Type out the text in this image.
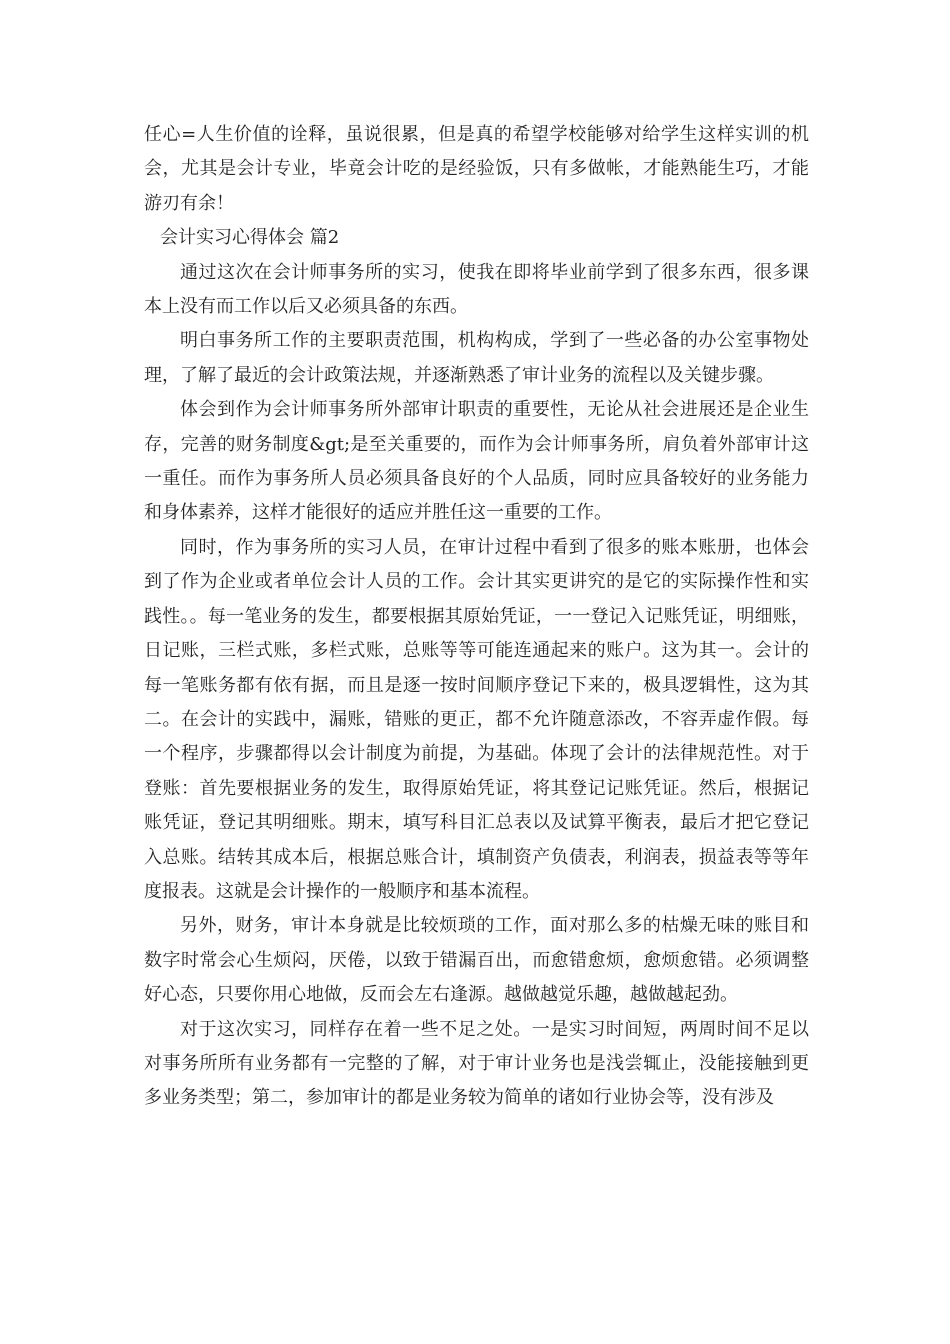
任心=人生价值的诠释，虽说很累，但是真的希望学校能够对给学生这样实训的机会，尤其是会计专业，毕竟会计吃的是经验饭，只有多做帐，才能熟能生巧，才能游刃有余！

会计实习心得体会 篇2

通过这次在会计师事务所的实习，使我在即将毕业前学到了很多东西，很多课本上没有而工作以后又必须具备的东西。

明白事务所工作的主要职责范围，机构构成，学到了一些必备的办公室事物处理，了解了最近的会计政策法规，并逐渐熟悉了审计业务的流程以及关键步骤。

体会到作为会计师事务所外部审计职责的重要性，无论从社会进展还是企业生存，完善的财务制度&gt;是至关重要的，而作为会计师事务所，肩负着外部审计这一重任。而作为事务所人员必须具备良好的个人品质，同时应具备较好的业务能力和身体素养，这样才能很好的适应并胜任这一重要的工作。

同时，作为事务所的实习人员，在审计过程中看到了很多的账本账册，也体会到了作为企业或者单位会计人员的工作。会计其实更讲究的是它的实际操作性和实践性。。每一笔业务的发生，都要根据其原始凭证，一一登记入记账凭证，明细账，日记账，三栏式账，多栏式账，总账等等可能连通起来的账户。这为其一。会计的每一笔账务都有依有据，而且是逐一按时间顺序登记下来的，极具逻辑性，这为其二。在会计的实践中，漏账，错账的更正，都不允许随意添改，不容弄虚作假。每一个程序，步骤都得以会计制度为前提，为基础。体现了会计的法律规范性。对于登账：首先要根据业务的发生，取得原始凭证，将其登记记账凭证。然后，根据记账凭证，登记其明细账。期末，填写科目汇总表以及试算平衡表，最后才把它登记入总账。结转其成本后，根据总账合计，填制资产负债表，利润表，损益表等等年度报表。这就是会计操作的一般顺序和基本流程。

另外，财务，审计本身就是比较烦琐的工作，面对那么多的枯燥无味的账目和数字时常会心生烦闷，厌倦，以致于错漏百出，而愈错愈烦，愈烦愈错。必须调整好心态，只要你用心地做，反而会左右逢源。越做越觉乐趣，越做越起劲。

对于这次实习，同样存在着一些不足之处。一是实习时间短，两周时间不足以对事务所所有业务都有一完整的了解，对于审计业务也是浅尝辄止，没能接触到更多业务类型；第二，参加审计的都是业务较为简单的诸如行业协会等，没有涉及
